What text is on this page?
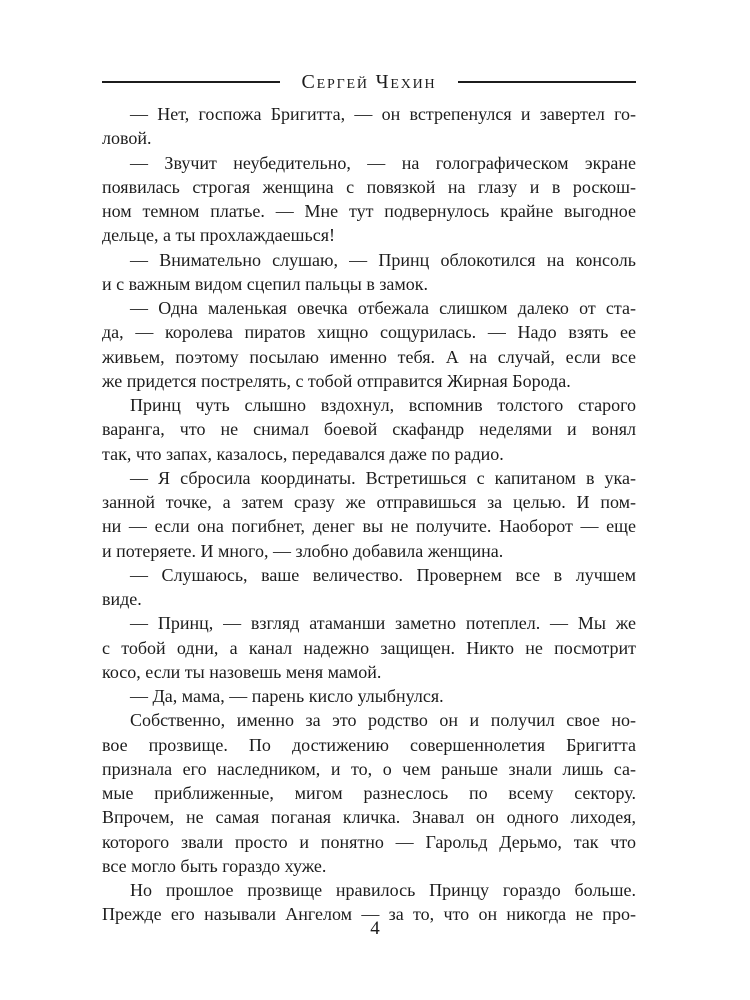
Сергей Чехин
— Нет, госпожа Бригитта, — он встрепенулся и завертел го-
ловой.
— Звучит неубедительно, — на голографическом экране
появилась строгая женщина с повязкой на глазу и в роскош-
ном темном платье. — Мне тут подвернулось крайне выгодное
дельце, а ты прохлаждаешься!
— Внимательно слушаю, — Принц облокотился на консоль
и с важным видом сцепил пальцы в замок.
— Одна маленькая овечка отбежала слишком далеко от ста-
да, — королева пиратов хищно сощурилась. — Надо взять ее
живьем, поэтому посылаю именно тебя. А на случай, если все
же придется пострелять, с тобой отправится Жирная Борода.
Принц чуть слышно вздохнул, вспомнив толстого старого
варанга, что не снимал боевой скафандр неделями и вонял
так, что запах, казалось, передавался даже по радио.
— Я сбросила координаты. Встретишься с капитаном в ука-
занной точке, а затем сразу же отправишься за целью. И пом-
ни — если она погибнет, денег вы не получите. Наоборот — еще
и потеряете. И много, — злобно добавила женщина.
— Слушаюсь, ваше величество. Провернем все в лучшем
виде.
— Принц, — взгляд атаманши заметно потеплел. — Мы же
с тобой одни, а канал надежно защищен. Никто не посмотрит
косо, если ты назовешь меня мамой.
— Да, мама, — парень кисло улыбнулся.
Собственно, именно за это родство он и получил свое но-
вое прозвище. По достижению совершеннолетия Бригитта
признала его наследником, и то, о чем раньше знали лишь са-
мые приближенные, мигом разнеслось по всему сектору.
Впрочем, не самая поганая кличка. Знавал он одного лиходея,
которого звали просто и понятно — Гарольд Дерьмо, так что
все могло быть гораздо хуже.
Но прошлое прозвище нравилось Принцу гораздо больше.
Прежде его называли Ангелом — за то, что он никогда не про-
4
